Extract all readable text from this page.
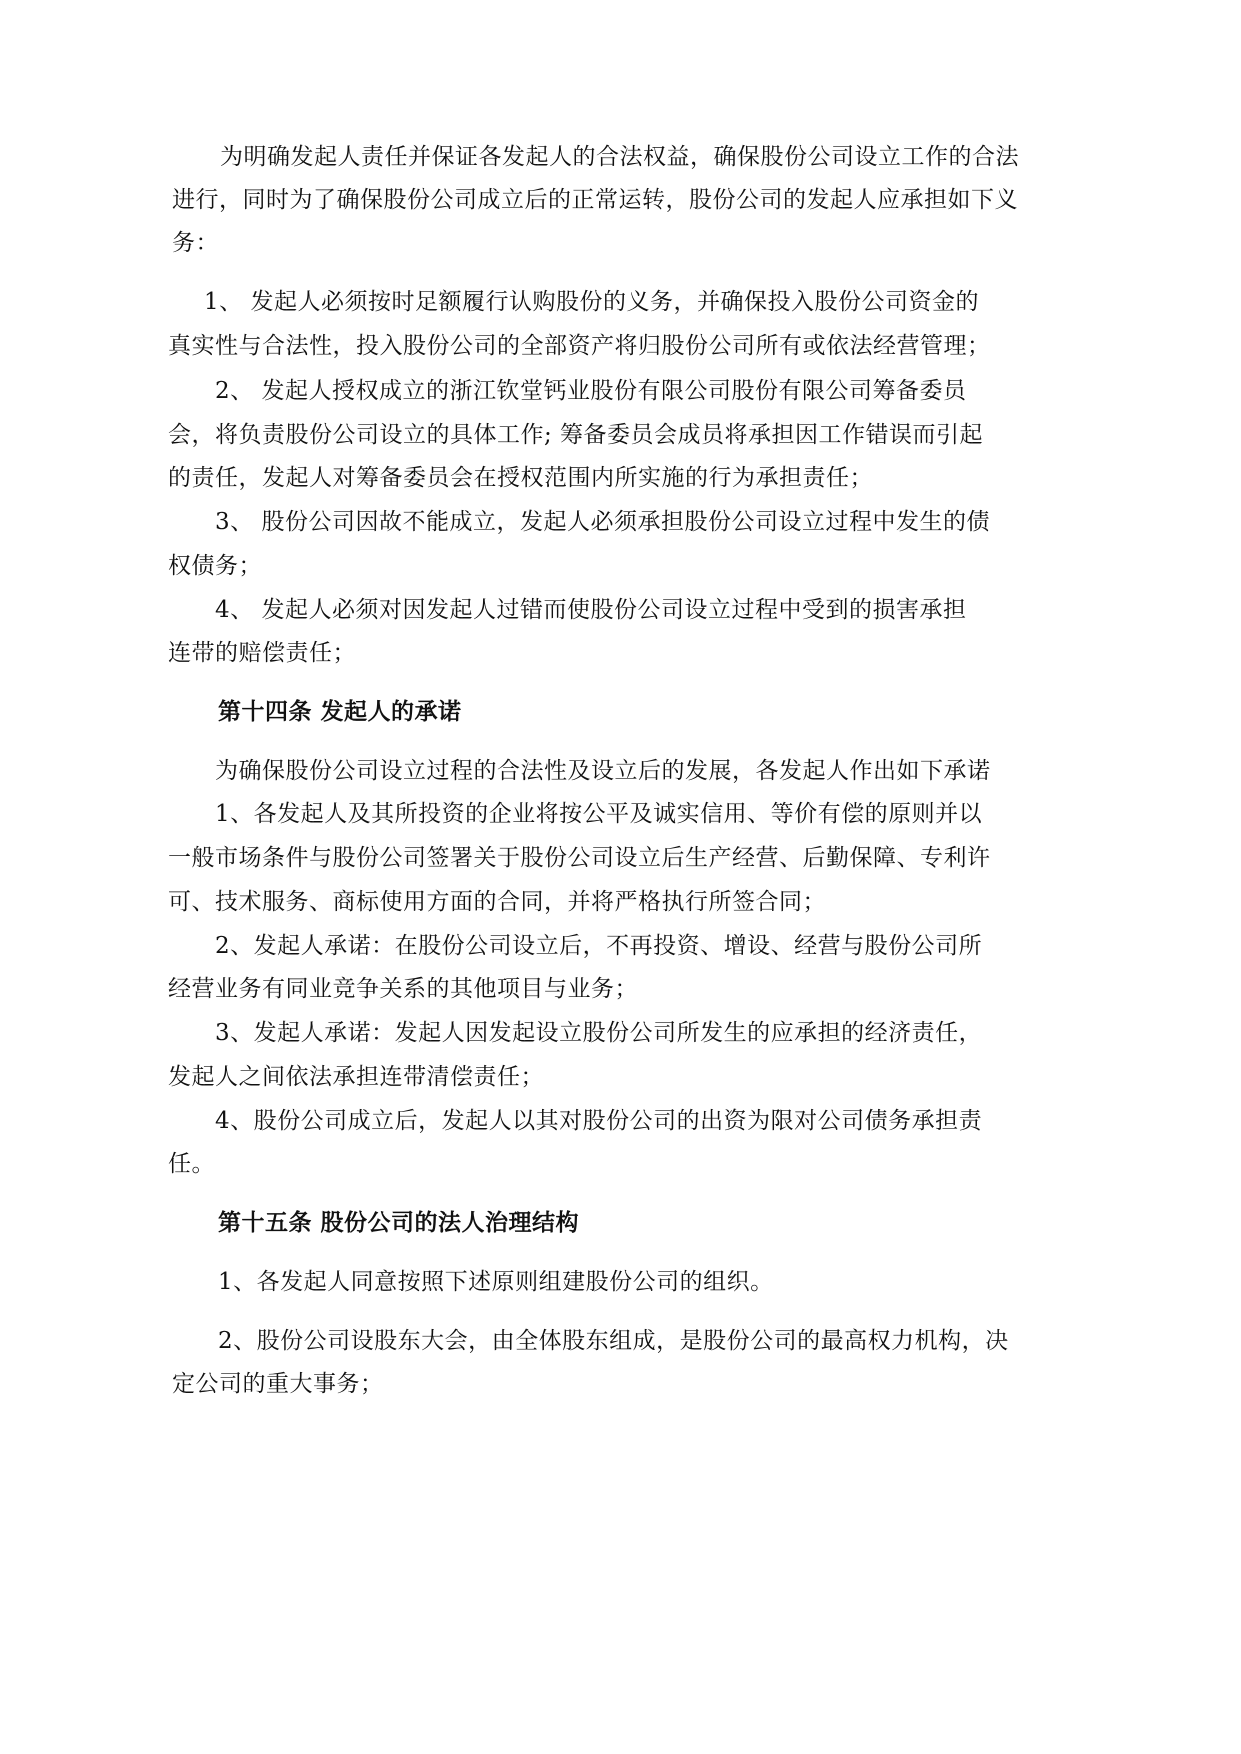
为明确发起人责任并保证各发起人的合法权益，确保股份公司设立工作的合法
进行，同时为了确保股份公司成立后的正常运转，股份公司的发起人应承担如下义
务：
1、 发起人必须按时足额履行认购股份的义务，并确保投入股份公司资金的
真实性与合法性，投入股份公司的全部资产将归股份公司所有或依法经营管理；
2、 发起人授权成立的浙江钦堂钙业股份有限公司股份有限公司筹备委员
会，将负责股份公司设立的具体工作; 筹备委员会成员将承担因工作错误而引起
的责任，发起人对筹备委员会在授权范围内所实施的行为承担责任；
3、 股份公司因故不能成立，发起人必须承担股份公司设立过程中发生的债
权债务；
4、 发起人必须对因发起人过错而使股份公司设立过程中受到的损害承担
连带的赔偿责任；
第十四条 发起人的承诺
为确保股份公司设立过程的合法性及设立后的发展，各发起人作出如下承诺
1、各发起人及其所投资的企业将按公平及诚实信用、等价有偿的原则并以
一般市场条件与股份公司签署关于股份公司设立后生产经营、后勤保障、专利许
可、技术服务、商标使用方面的合同，并将严格执行所签合同；
2、发起人承诺：在股份公司设立后，不再投资、增设、经营与股份公司所
经营业务有同业竞争关系的其他项目与业务；
3、发起人承诺：发起人因发起设立股份公司所发生的应承担的经济责任，
发起人之间依法承担连带清偿责任；
4、股份公司成立后，发起人以其对股份公司的出资为限对公司债务承担责
任。
第十五条 股份公司的法人治理结构
1、各发起人同意按照下述原则组建股份公司的组织。
2、股份公司设股东大会，由全体股东组成，是股份公司的最高权力机构，决
定公司的重大事务；
